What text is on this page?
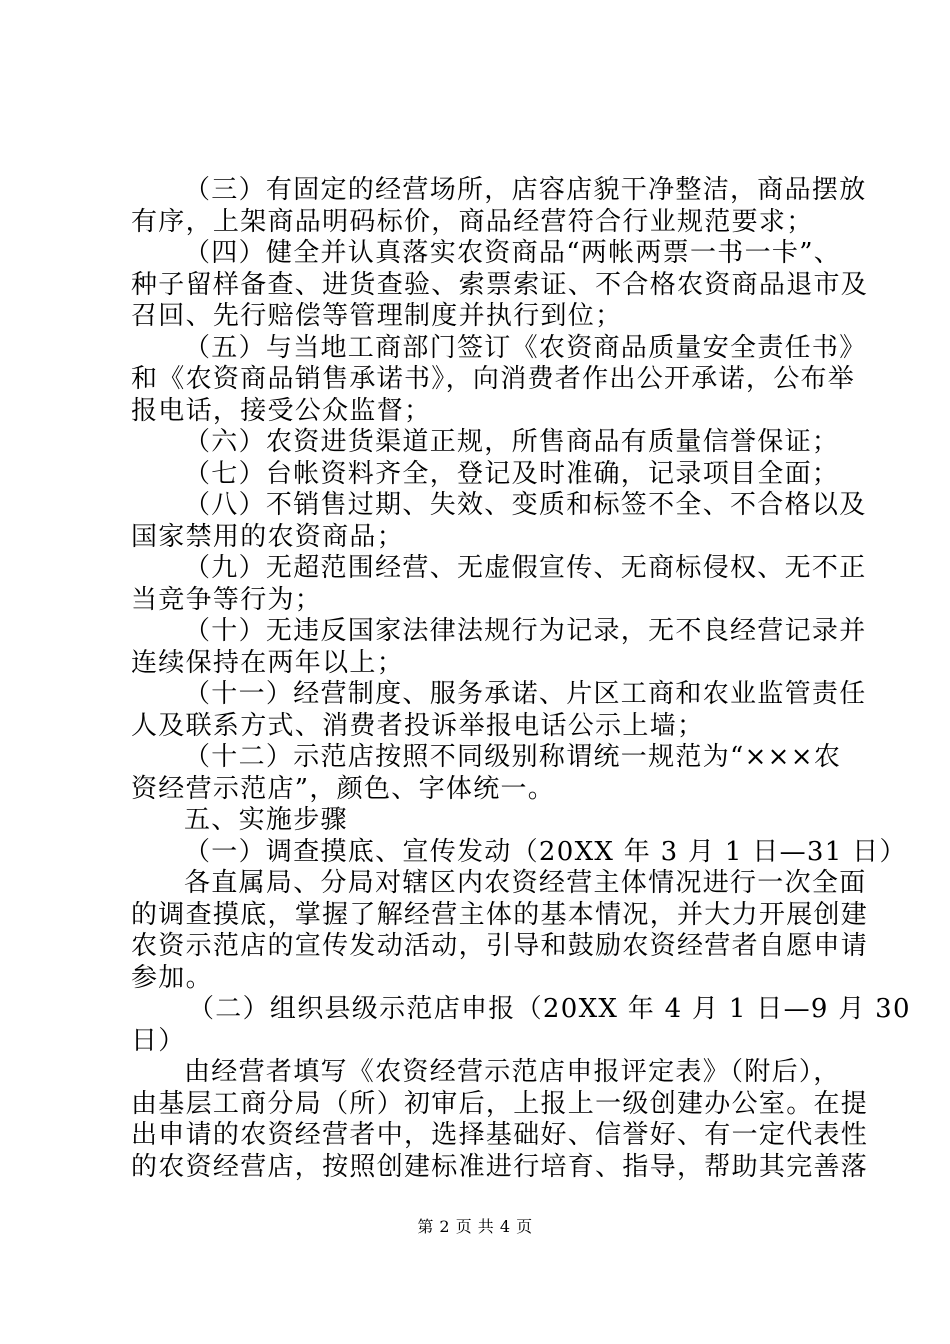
（三）有固定的经营场所，店容店貌干净整洁，商品摆放
有序，上架商品明码标价，商品经营符合行业规范要求；
（四）健全并认真落实农资商品“两帐两票一书一卡”、
种子留样备查、进货查验、索票索证、不合格农资商品退市及
召回、先行赔偿等管理制度并执行到位；
（五）与当地工商部门签订《农资商品质量安全责任书》
和《农资商品销售承诺书》，向消费者作出公开承诺，公布举
报电话，接受公众监督；
（六）农资进货渠道正规，所售商品有质量信誉保证；
（七）台帐资料齐全，登记及时准确，记录项目全面；
（八）不销售过期、失效、变质和标签不全、不合格以及
国家禁用的农资商品；
（九）无超范围经营、无虚假宣传、无商标侵权、无不正
当竞争等行为；
（十）无违反国家法律法规行为记录，无不良经营记录并
连续保持在两年以上；
（十一）经营制度、服务承诺、片区工商和农业监管责任
人及联系方式、消费者投诉举报电话公示上墙；
（十二）示范店按照不同级别称谓统一规范为“×××农
资经营示范店”，颜色、字体统一。
五、实施步骤
（一）调查摸底、宣传发动（20XX 年 3 月 1 日—31 日）
各直属局、分局对辖区内农资经营主体情况进行一次全面
的调查摸底，掌握了解经营主体的基本情况，并大力开展创建
农资示范店的宣传发动活动，引导和鼓励农资经营者自愿申请
参加。
（二）组织县级示范店申报（20XX 年 4 月 1 日—9 月 30
日）
由经营者填写《农资经营示范店申报评定表》（附后），
由基层工商分局（所）初审后，上报上一级创建办公室。在提
出申请的农资经营者中，选择基础好、信誉好、有一定代表性
的农资经营店，按照创建标准进行培育、指导，帮助其完善落
第 2 页 共 4 页
